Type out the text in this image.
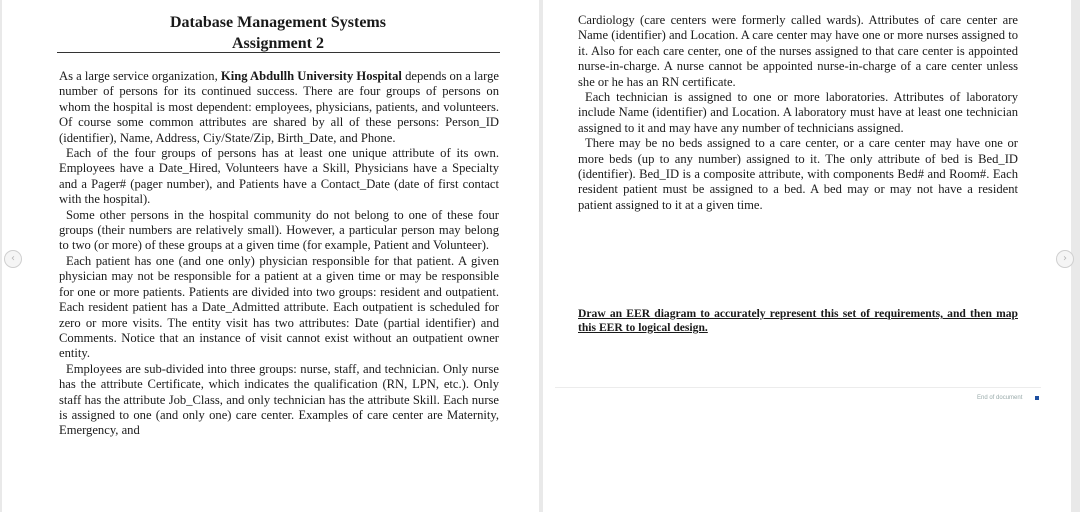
Database Management Systems
Assignment 2

As a large service organization, King Abdullh University Hospital depends on a large number of persons for its continued success. There are four groups of persons on whom the hospital is most dependent: employees, physicians, patients, and volunteers. Of course some common attributes are shared by all of these persons: Person_ID (identifier), Name, Address, Ciy/State/Zip, Birth_Date, and Phone.

Each of the four groups of persons has at least one unique attribute of its own. Employees have a Date_Hired, Volunteers have a Skill, Physicians have a Specialty and a Pager# (pager number), and Patients have a Contact_Date (date of first contact with the hospital).

Some other persons in the hospital community do not belong to one of these four groups (their numbers are relatively small). However, a particular person may belong to two (or more) of these groups at a given time (for example, Patient and Volunteer).

Each patient has one (and one only) physician responsible for that patient. A given physician may not be responsible for a patient at a given time or may be responsible for one or more patients. Patients are divided into two groups: resident and outpatient. Each resident patient has a Date_Admitted attribute. Each outpatient is scheduled for zero or more visits. The entity visit has two attributes: Date (partial identifier) and Comments. Notice that an instance of visit cannot exist without an outpatient owner entity.

Employees are sub-divided into three groups: nurse, staff, and technician. Only nurse has the attribute Certificate, which indicates the qualification (RN, LPN, etc.). Only staff has the attribute Job_Class, and only technician has the attribute Skill. Each nurse is assigned to one (and only one) care center. Examples of care center are Maternity, Emergency, and

Cardiology (care centers were formerly called wards). Attributes of care center are Name (identifier) and Location. A care center may have one or more nurses assigned to it. Also for each care center, one of the nurses assigned to that care center is appointed nurse-in-charge. A nurse cannot be appointed nurse-in-charge of a care center unless she or he has an RN certificate.

Each technician is assigned to one or more laboratories. Attributes of laboratory include Name (identifier) and Location. A laboratory must have at least one technician assigned to it and may have any number of technicians assigned.

There may be no beds assigned to a care center, or a care center may have one or more beds (up to any number) assigned to it. The only attribute of bed is Bed_ID (identifier). Bed_ID is a composite attribute, with components Bed# and Room#. Each resident patient must be assigned to a bed. A bed may or may not have a resident patient assigned to it at a given time.

Draw an EER diagram to accurately represent this set of requirements, and then map this EER to logical design.
End of document
‹	›
